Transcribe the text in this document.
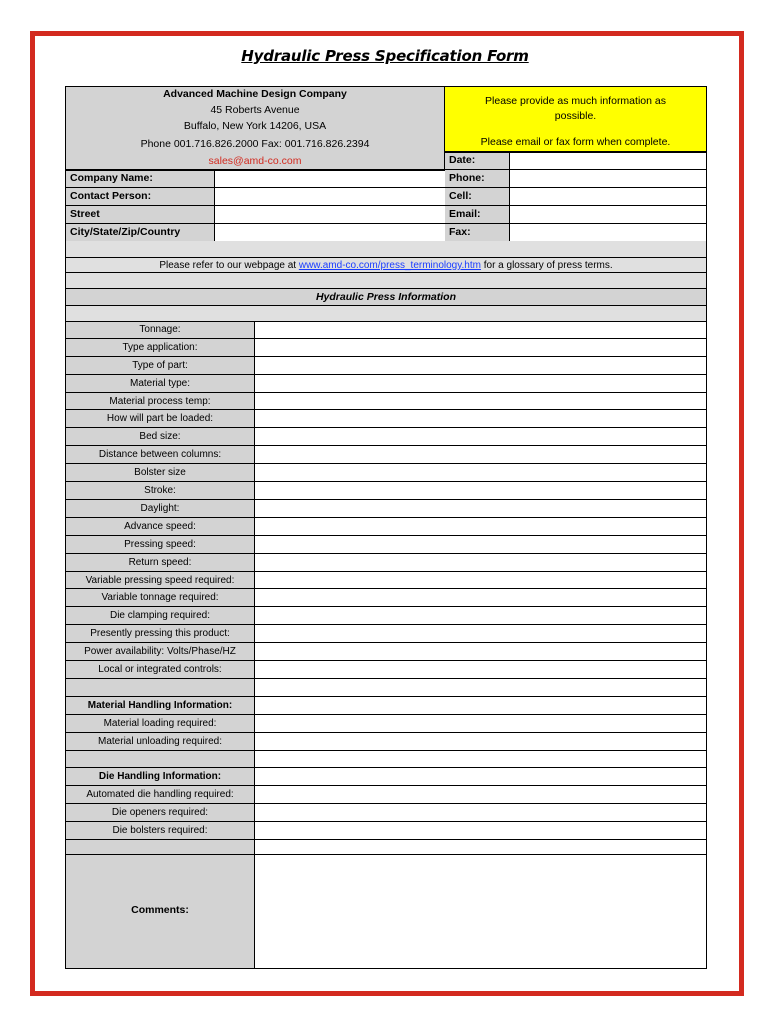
Hydraulic Press Specification Form
Advanced Machine Design Company
45 Roberts Avenue
Buffalo, New York 14206, USA
Phone 001.716.826.2000 Fax: 001.716.826.2394
sales@amd-co.com
Please provide as much information as
possible.
Please email or fax form when complete.
Date:
Phone:
Cell:
Email:
Fax:
Company Name:
Contact Person:
Street
City/State/Zip/Country
Please refer to our webpage at www.amd-co.com/press_terminology.htm for a glossary of press terms.
Hydraulic Press Information
Tonnage:
Type application:
Type of part:
Material type:
Material process temp:
How will part be loaded:
Bed size:
Distance between columns:
Bolster size
Stroke:
Daylight:
Advance speed:
Pressing speed:
Return speed:
Variable pressing speed required:
Variable tonnage required:
Die clamping required:
Presently pressing this product:
Power availability: Volts/Phase/HZ
Local or integrated controls:
Material Handling Information:
Material loading required:
Material unloading required:
Die Handling Information:
Automated die handling required:
Die openers required:
Die bolsters required:
Comments:
